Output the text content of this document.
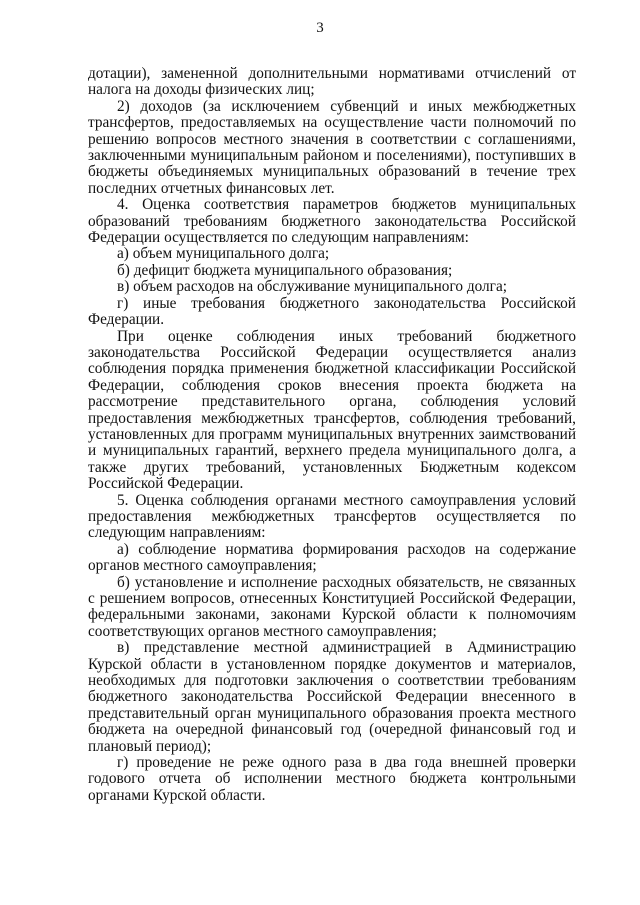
3

дотации), замененной дополнительными нормативами отчислений от налога на доходы физических лиц;

2) доходов (за исключением субвенций и иных межбюджетных трансфертов, предоставляемых на осуществление части полномочий по решению вопросов местного значения в соответствии с соглашениями, заключенными муниципальным районом и поселениями), поступивших в бюджеты объединяемых муниципальных образований в течение трех последних отчетных финансовых лет.

4. Оценка соответствия параметров бюджетов муниципальных образований требованиям бюджетного законодательства Российской Федерации осуществляется по следующим направлениям:

а) объем муниципального долга;

б) дефицит бюджета муниципального образования;

в) объем расходов на обслуживание муниципального долга;

г) иные требования бюджетного законодательства Российской Федерации.

При оценке соблюдения иных требований бюджетного законодательства Российской Федерации осуществляется анализ соблюдения порядка применения бюджетной классификации Российской Федерации, соблюдения сроков внесения проекта бюджета на рассмотрение представительного органа, соблюдения условий предоставления межбюджетных трансфертов, соблюдения требований, установленных для программ муниципальных внутренних заимствований и муниципальных гарантий, верхнего предела муниципального долга, а также других требований, установленных Бюджетным кодексом Российской Федерации.

5. Оценка соблюдения органами местного самоуправления условий предоставления межбюджетных трансфертов осуществляется по следующим направлениям:

а) соблюдение норматива формирования расходов на содержание органов местного самоуправления;

б) установление и исполнение расходных обязательств, не связанных с решением вопросов, отнесенных Конституцией Российской Федерации, федеральными законами, законами Курской области к полномочиям соответствующих органов местного самоуправления;

в) представление местной администрацией в Администрацию Курской области в установленном порядке документов и материалов, необходимых для подготовки заключения о соответствии требованиям бюджетного законодательства Российской Федерации внесенного в представительный орган муниципального образования проекта местного бюджета на очередной финансовый год (очередной финансовый год и плановый период);

г) проведение не реже одного раза в два года внешней проверки годового отчета об исполнении местного бюджета контрольными органами Курской области.
